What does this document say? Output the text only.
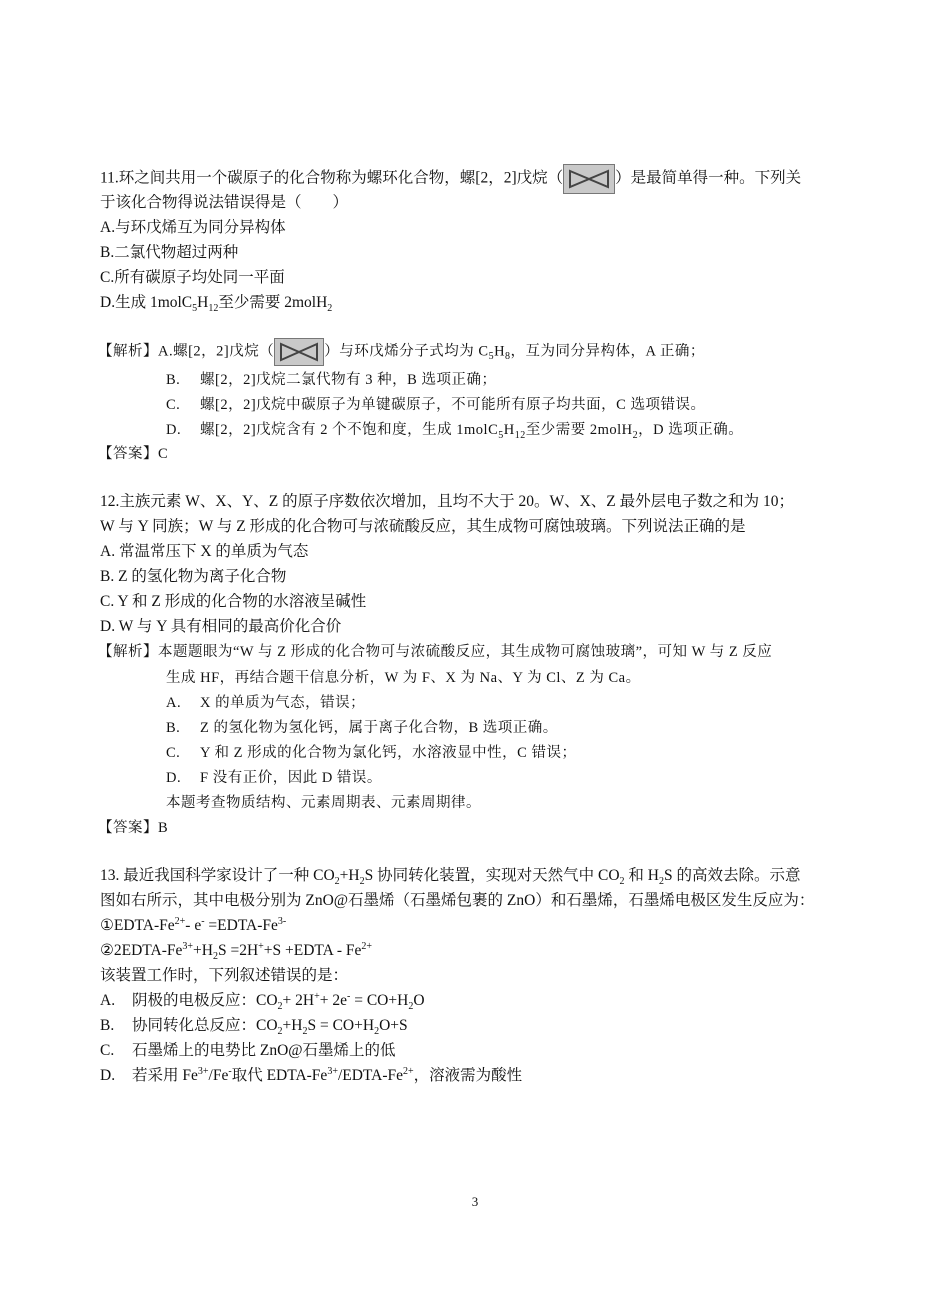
11.环之间共用一个碳原子的化合物称为螺环化合物，螺[2，2]戊烷（	）是最简单得一种。下列关
于该化合物得说法错误得是（　　）
A.与环戊烯互为同分异构体
B.二氯代物超过两种
C.所有碳原子均处同一平面
D.生成 $1molC_5H_{12}$至少需要 2molH$_2$
【解析】A.螺[2，2]戊烷（	）与环戊烯分子式均为 $C_5H_8$，互为同分异构体，A 正确；
B. 螺[2，2]戊烷二氯代物有 3 种，B 选项正确；
C. 螺[2，2]戊烷中碳原子为单键碳原子，不可能所有原子均共面，C 选项错误。
D. 螺[2，2]戊烷含有 2 个不饱和度，生成 $1molC_5H_{12}$至少需要 2molH$_2$，D 选项正确。
【答案】C
12.主族元素 W、X、Y、Z 的原子序数依次增加，且均不大于 20。W、X、Z 最外层电子数之和为 10；
W 与 Y 同族；W 与 Z 形成的化合物可与浓硫酸反应，其生成物可腐蚀玻璃。下列说法正确的是
A. 常温常压下 X 的单质为气态
B. Z 的氢化物为离子化合物
C. Y 和 Z 形成的化合物的水溶液呈碱性
D. W 与 Y 具有相同的最高价化合价
【解析】本题题眼为“W 与 Z 形成的化合物可与浓硫酸反应，其生成物可腐蚀玻璃”，可知 W 与 Z 反应
生成 HF，再结合题干信息分析，W 为 F、X 为 Na、Y 为 Cl、Z 为 Ca。
A. X 的单质为气态，错误；
B. Z 的氢化物为氢化钙，属于离子化合物，B 选项正确。
C. Y 和 Z 形成的化合物为氯化钙，水溶液显中性，C 错误；
D. F 没有正价，因此 D 错误。
本题考查物质结构、元素周期表、元素周期律。
【答案】B
13. 最近我国科学家设计了一种 $CO_2+H_2S$ 协同转化装置，实现对天然气中 $CO_2$ 和 $H_2S$ 的高效去除。示意
图如右所示，其中电极分别为 ZnO@石墨烯（石墨烯包裹的 ZnO）和石墨烯，石墨烯电极区发生反应为：
①EDTA-$Fe^{2+}-$ $e^- =EDTA-Fe^{3-}$
$②2EDTA-Fe^{3+}+H_2S =2H^++S$ +EDTA - $Fe^{2+}$
该装置工作时，下列叙述错误的是：
A. 阴极的电极反应：$CO_2+ 2H^++ 2e^- = CO+H_2O$
B. 协同转化总反应：$CO_2+H_2S = CO+H_2O+S$
C. 石墨烯上的电势比 ZnO@石墨烯上的低
D. 若采用 $Fe^{3+}/Fe^-$取代 EDTA-$Fe^{3+}/EDTA-Fe^{2+}$，溶液需为酸性
3
